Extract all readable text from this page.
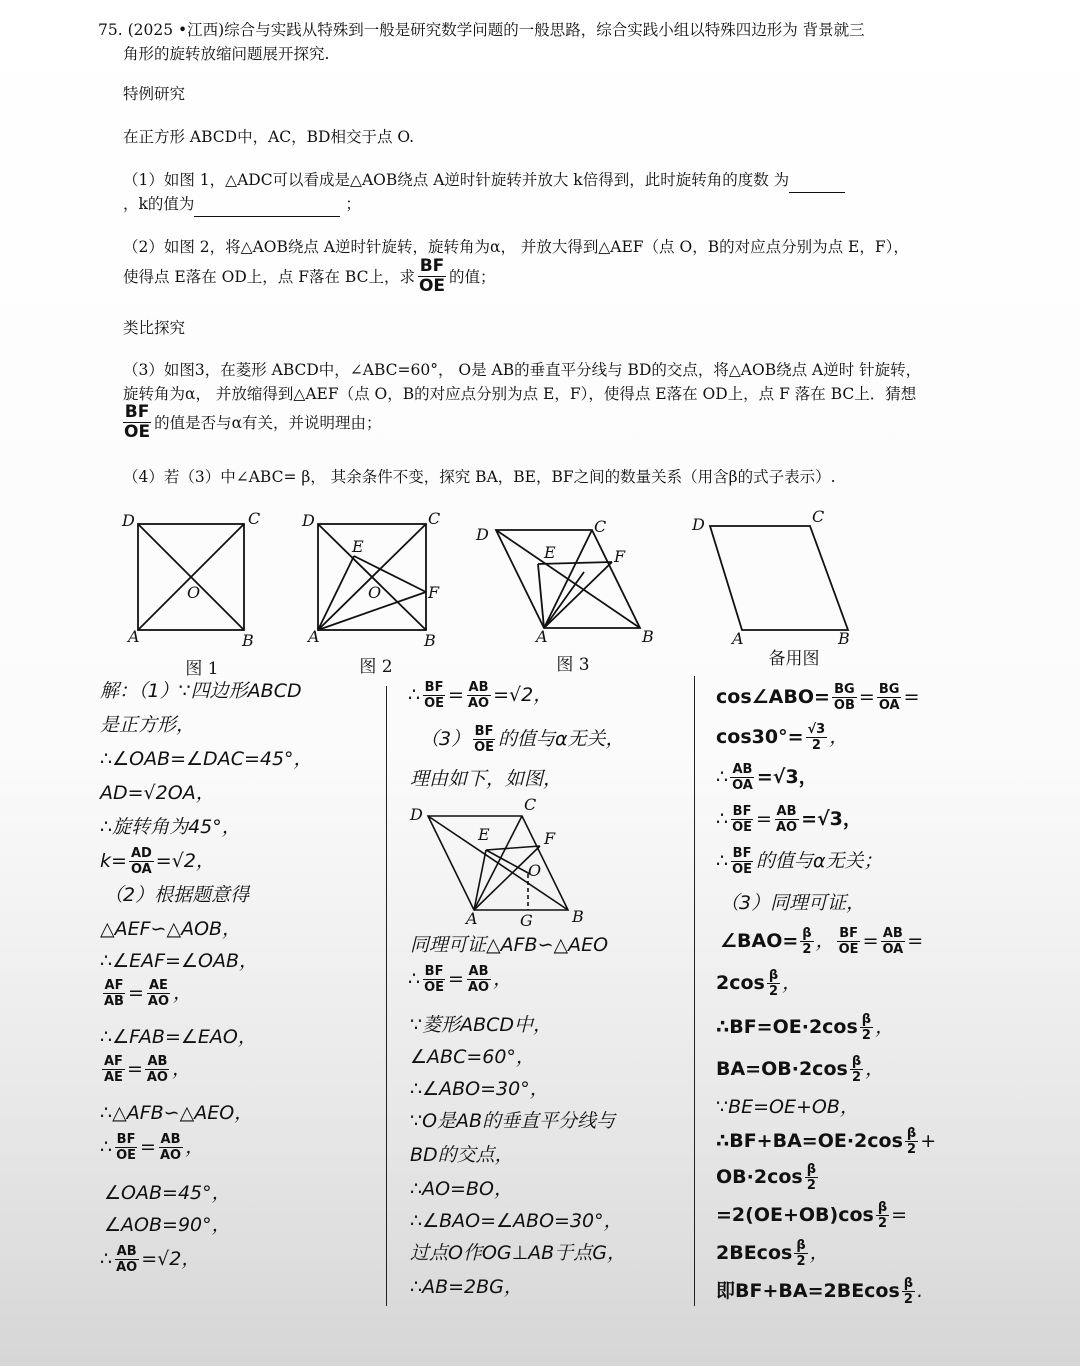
75. (2025 •江西)综合与实践从特殊到一般是研究数学问题的一般思路，综合实践小组以特殊四边形为 背景就三
角形的旋转放缩问题展开探究.
特例研究
在正方形 ABCD中，AC，BD相交于点 O.
（1）如图 1，△ADC可以看成是△AOB绕点 A逆时针旋转并放大 k倍得到，此时旋转角的度数 为
，k的值为	；
（2）如图 2，将△AOB绕点 A逆时针旋转，旋转角为α， 并放大得到△AEF（点 O，B的对应点分别为点 E，F），
使得点 E落在 OD上，点 F落在 BC上，求 $\frac{BF}{OE}$ 的值；
类比探究
（3）如图3，在菱形 ABCD中，∠ABC=60°， O是 AB的垂直平分线与 BD的交点，将△AOB绕点 A逆时 针旋转，
旋转角为α， 并放缩得到△AEF（点 O，B的对应点分别为点 E，F），使得点 E落在 OD上，点 F 落在 BC上．猜想
$\frac{BF}{OE}$ 的值是否与α有关，并说明理由；
（4）若（3）中∠ABC= β， 其余条件不变，探究 BA，BE，BF之间的数量关系（用含β的式子表示）.
D	C
A	B
O
D	C
A	B
E
O	F
D	C
A	B
E	F
D	C
A	B
图 1	图 2	图 3	备用图
解：（1）∵四边形ABCD
是正方形，
∴∠OAB=∠DAC=45°，
AD=√2OA，
∴旋转角为45°，
$k= \frac{AD}{OA} =√2$，
（2）根据题意得
△AEF∽△AOB，
∴∠EAF=∠OAB，
$\frac{AF}{AB} = \frac{AE}{AO}$ ，
∴∠FAB=∠EAO，
$\frac{AF}{AE} = \frac{AB}{AO}$ ，
∴△AFB∽△AEO，
∴ $\frac{BF}{OE} = \frac{AB}{AO}$ ，
∠OAB=45°，
∠AOB=90°，
∴ $\frac{AB}{AO} =√2$，
∴ $\frac{BF}{OE} = \frac{AB}{AO} =√2$，
$(3) \frac{BF}{OE}$ 的值与α无关，
理由如下，如图，
同理可证△AFB∽△AEO
∴ $\frac{BF}{OE} = \frac{AB}{AO}$ ，
∵菱形ABCD中，
∠ABC=60°，
∴∠ABO=30°，
∵O是AB的垂直平分线与
BD的交点，
∴AO=BO，
∴∠BAO=∠ABO=30°，
过点O作OG⊥AB于点G，
∴AB=2BG，
D
C
A	G B
E	F
O
cos∠ABO= $\frac{BG}{OB} = \frac{BG}{OA}$ =
$\cos 30^\circ= \frac{√3}{2}$ ，
∴ $\frac{AB}{OA} =√3$，
∴ $\frac{BF}{OE} = \frac{AB}{AO} =√3$，
∴ $\frac{BF}{OE}$ 的值与α无关；
（3）同理可证，
∠BAO= $\frac{\beta}{2}$ ， $\frac{BF}{OE} = \frac{AB}{OA}$ =
$2\cos \frac{\beta}{2}$ ，
∴BF=OE·2cos $\frac{\beta}{2}$ ，
$BA=OB\cdot 2\cos \frac{\beta}{2}$ ，
∵BE=OE+OB，
∴BF+BA=OE·2cos $\frac{\beta}{2}$ +
$OB\cdot 2\cos \frac{\beta}{2}$
$=2(OE+OB)\cos \frac{\beta}{2}$ =
$2BEcos \frac{\beta}{2}$ ，
即$BF+BA=2BEcos \frac{\beta}{2}$ .
